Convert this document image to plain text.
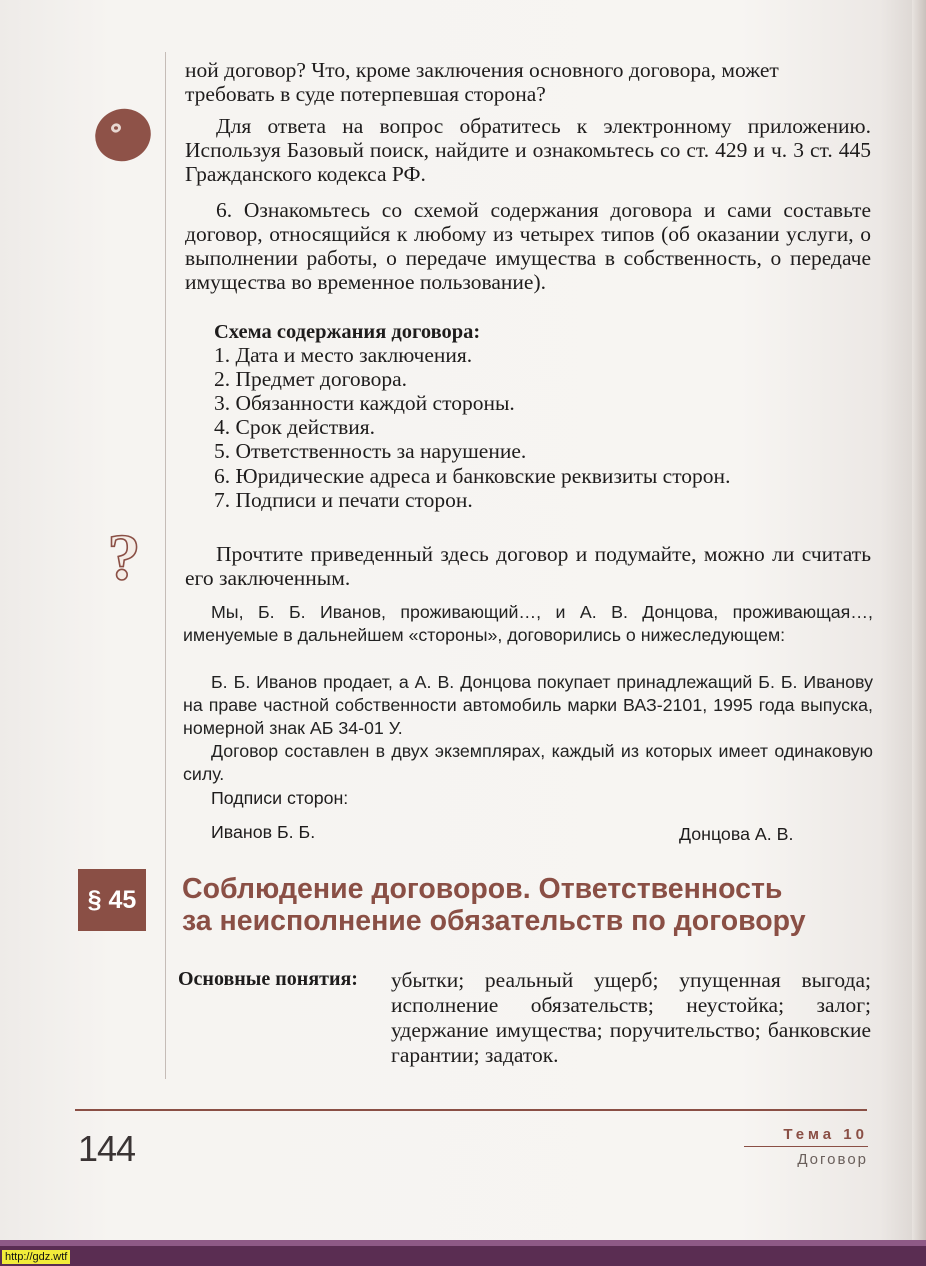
ной договор? Что, кроме заключения основного договора, может
требовать в суде потерпевшая сторона?
Для ответа на вопрос обратитесь к электронному приложению. Используя Базовый поиск, найдите и ознакомьтесь со ст. 429 и ч. 3 ст. 445 Гражданского кодекса РФ.
6. Ознакомьтесь со схемой содержания договора и сами составьте договор, относящийся к любому из четырех типов (об оказании услуги, о выполнении работы, о передаче имущества в собственность, о передаче имущества во временное пользование).
Схема содержания договора:
1. Дата и место заключения.
2. Предмет договора.
3. Обязанности каждой стороны.
4. Срок действия.
5. Ответственность за нарушение.
6. Юридические адреса и банковские реквизиты сторон.
7. Подписи и печати сторон.
?	Прочтите приведенный здесь договор и подумайте, можно ли считать его заключенным.
Мы, Б. Б. Иванов, проживающий…, и А. В. Донцова, проживающая…, именуемые в дальнейшем «стороны», договорились о нижеследующем:
Б. Б. Иванов продает, а А. В. Донцова покупает принадлежащий Б. Б. Иванову на праве частной собственности автомобиль марки ВАЗ-2101, 1995 года выпуска, номерной знак АБ 34-01 У.
Договор составлен в двух экземплярах, каждый из которых имеет одинаковую силу.
Подписи сторон:
Иванов Б. Б.	Донцова А. В.
§ 45	Соблюдение договоров. Ответственность
за неисполнение обязательств по договору
Основные понятия: убытки; реальный ущерб; упущенная выгода; исполнение обязательств; неустойка; залог; удержание имущества; поручительство; банковские гарантии; задаток.
144	Тема 10
Договор
http://gdz.wtf
